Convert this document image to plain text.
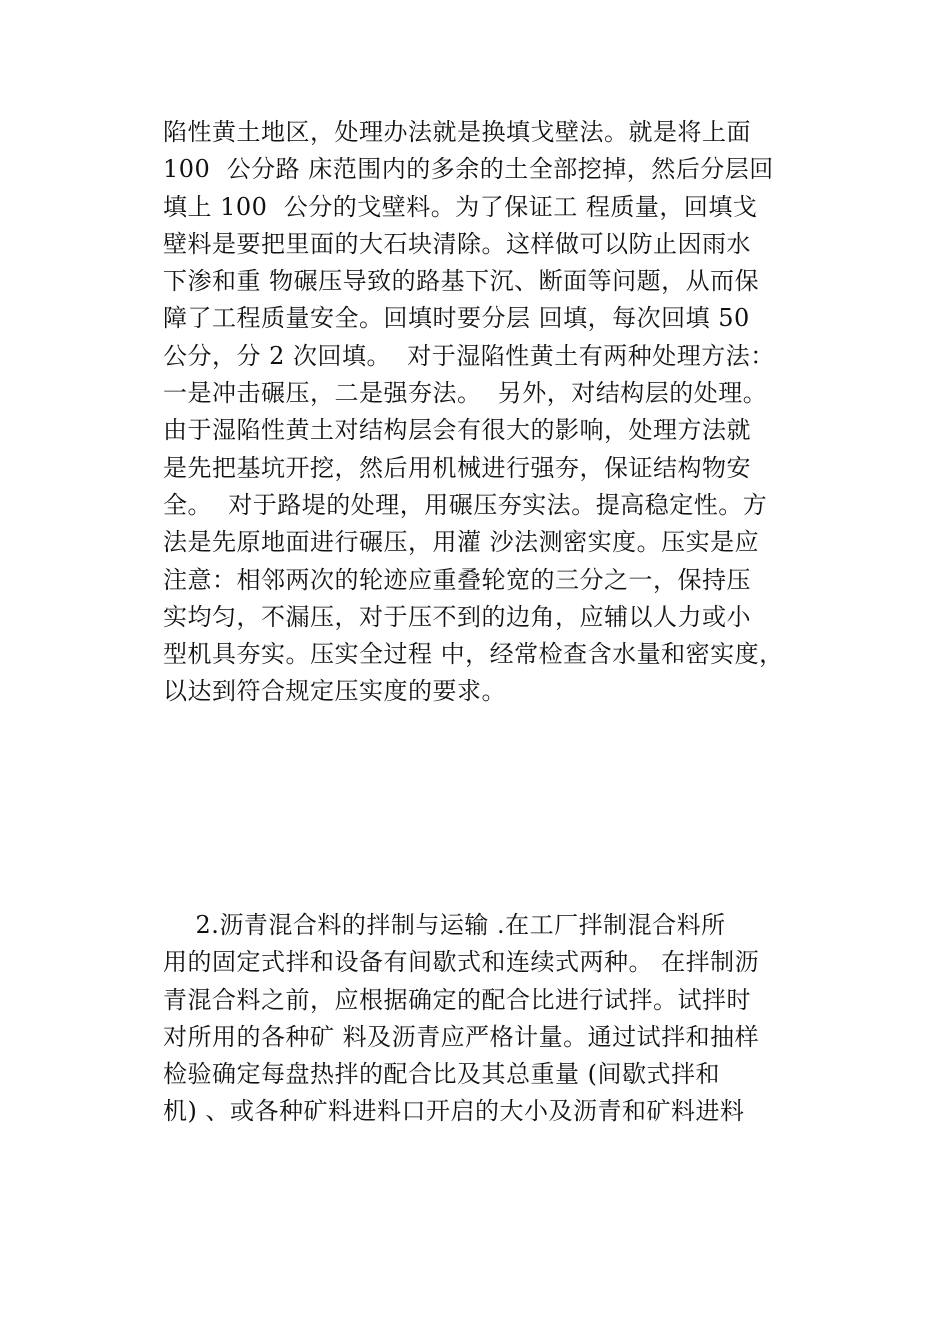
陷性黄土地区，处理办法就是换填戈壁法。就是将上面
100  公分路 床范围内的多余的土全部挖掉，然后分层回
填上 100  公分的戈壁料。为了保证工 程质量，回填戈
壁料是要把里面的大石块清除。这样做可以防止因雨水
下渗和重 物碾压导致的路基下沉、断面等问题，从而保
障了工程质量安全。回填时要分层 回填，每次回填 50
公分，分 2 次回填。  对于湿陷性黄土有两种处理方法：
一是冲击碾压，二是强夯法。  另外，对结构层的处理。
由于湿陷性黄土对结构层会有很大的影响，处理方法就
是先把基坑开挖，然后用机械进行强夯，保证结构物安
全。  对于路堤的处理，用碾压夯实法。提高稳定性。方
法是先原地面进行碾压，用灌 沙法测密实度。压实是应
注意：相邻两次的轮迹应重叠轮宽的三分之一，保持压
实均匀，不漏压，对于压不到的边角，应辅以人力或小
型机具夯实。压实全过程 中，经常检查含水量和密实度，
以达到符合规定压实度的要求。
2.沥青混合料的拌制与运输 .在工厂拌制混合料所
用的固定式拌和设备有间歇式和连续式两种。 在拌制沥
青混合料之前，应根据确定的配合比进行试拌。试拌时
对所用的各种矿 料及沥青应严格计量。通过试拌和抽样
检验确定每盘热拌的配合比及其总重量 (间歇式拌和
机) 、或各种矿料进料口开启的大小及沥青和矿料进料
